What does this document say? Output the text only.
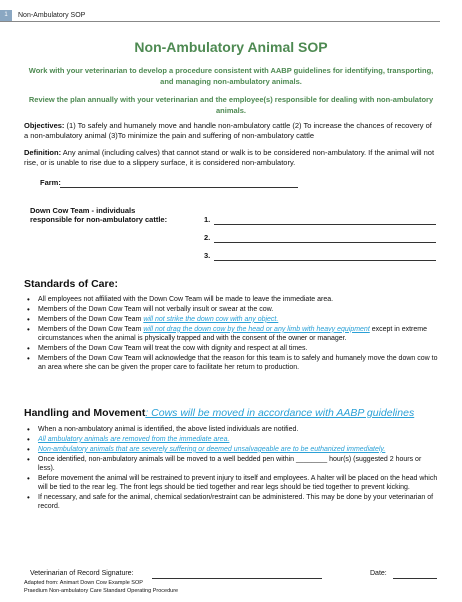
1	Non-Ambulatory SOP
Non-Ambulatory Animal SOP
Work with your veterinarian to develop a procedure consistent with AABP guidelines for identifying, transporting, and managing non-ambulatory animals.
Review the plan annually with your veterinarian and the employee(s) responsible for dealing with non-ambulatory animals.
Objectives: (1) To safely and humanely move and handle non-ambulatory cattle (2) To increase the chances of recovery of a non-ambulatory animal (3)To minimize the pain and suffering of non-ambulatory cattle
Definition: Any animal (including calves) that cannot stand or walk is to be considered non-ambulatory. If the animal will not rise, or is unable to rise due to a slippery surface, it is considered non-ambulatory.
Farm:
Down Cow Team - individuals
responsible for non-ambulatory cattle:	1.
2.
3.
Standards of Care:
• All employees not affiliated with the Down Cow Team will be made to leave the immediate area.
• Members of the Down Cow Team will not verbally insult or swear at the cow.
• Members of the Down Cow Team will not strike the down cow with any object.
• Members of the Down Cow Team will not drag the down cow by the head or any limb with heavy equipment except in extreme circumstances when the animal is physically trapped and with the consent of the owner or manager.
• Members of the Down Cow Team will treat the cow with dignity and respect at all times.
• Members of the Down Cow Team will acknowledge that the reason for this team is to safely and humanely move the down cow to an area where she can be given the proper care to facilitate her return to production.
Handling and Movement: Cows will be moved in accordance with AABP guidelines
• When a non-ambulatory animal is identified, the above listed individuals are notified.
• All ambulatory animals are removed from the immediate area.
• Non-ambulatory animals that are severely suffering or deemed unsalvageable are to be euthanized immediately.
• Once identified, non-ambulatory animals will be moved to a well bedded pen within ________ hour(s) (suggested 2 hours or less).
• Before movement the animal will be restrained to prevent injury to itself and employees. A halter will be placed on the head which will be tied to the rear leg. The front legs should be tied together and rear legs should be tied together to prevent kicking.
• If necessary, and safe for the animal, chemical sedation/restraint can be administered. This may be done by your veterinarian of record.
Veterinarian of Record Signature:	Date:
Adapted from: Animart Down Cow Example SOP
Praedium Non-ambulatory Care Standard Operating Procedure
